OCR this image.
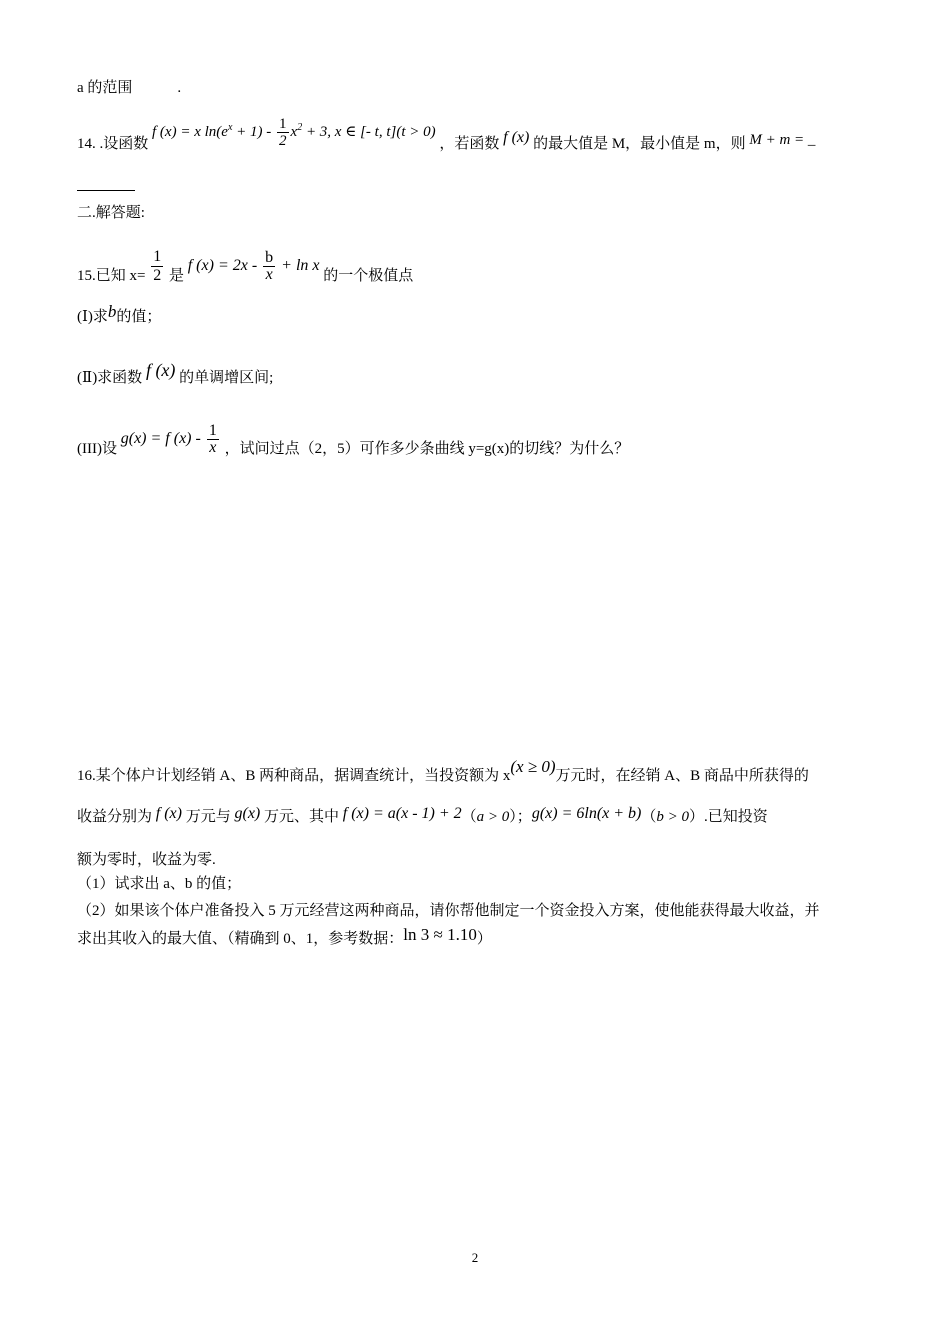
a 的范围　　　.
14. .设函数 f (x) = x $\ln(e^x + 1) - \frac{1}{2} x^2 + 3$, x ∈ [- t, t](t > 0) ，若函数 f (x) 的最大值是 M，最小值是 m，则 M + m = _
二.解答题:
15.已知 $x= \frac{1}{2}$ 是 f $(x) = 2x - \frac{b}{x} + \ln x$ 的一个极值点
(Ⅰ)求b的值；
(Ⅱ)求函数 f (x) 的单调增区间;
(III)设 g(x) = f $(x) - \frac{1}{x}$ ，试问过点（2，5）可作多少条曲线 y=g(x)的切线？为什么？
16.某个体户计划经销 A、B 两种商品，据调查统计，当投资额为 x(x ≥ 0)万元时，在经销 A、B 商品中所获得的
收益分别为 f (x) 万元与 g(x) 万元、其中 f (x) = a(x - 1) + 2（a > 0）；g(x) = 6ln(x + b)（b > 0）.已知投资
额为零时，收益为零.
（1）试求出 a、b 的值；
（2）如果该个体户准备投入 5 万元经营这两种商品，请你帮他制定一个资金投入方案，使他能获得最大收益，并
求出其收入的最大值、（精确到 0、1，参考数据：ln 3 ≈ 1.10）
2
